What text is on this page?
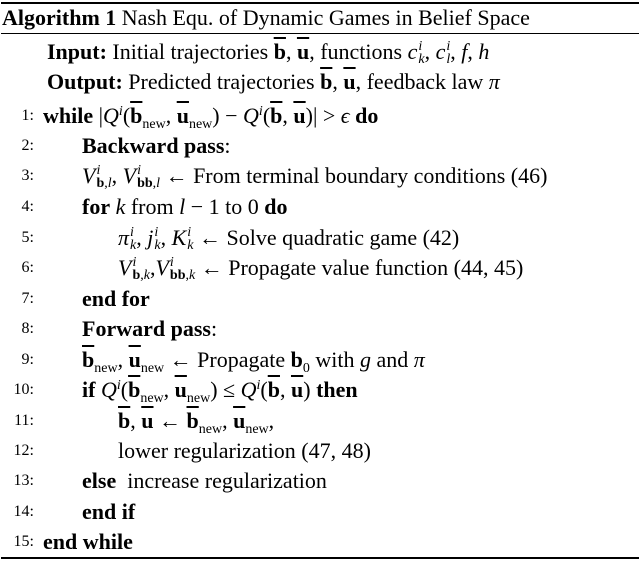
Algorithm 1 Nash Equ. of Dynamic Games in Belief Space
Input: Initial trajectories $\overline{b}$, $\overline{u}$, functions c i
k , c i
l , f, h
Output: Predicted trajectories $\overline{b}$, $\overline{u}$, feedback law π
1: while $|Q^i(\overline{b}_{new}$, $\overline{u}_{new}) - Q^i(\overline{b}$, $\overline{u})| > \epsilon$ do
2: Backward pass:
3: V i
b,l , V i
bb,l ← From terminal boundary conditions (46)
4: for k from l − 1 to 0 do
5:	π i
k , j i
k , K i
k ← Solve quadratic game (42)
6:	V i
b,k ,V i
bb,k ← Propagate value function (44, 45)
7: end for
8: Forward pass:
9: $\overline{b}_{new}$, $\overline{u}_{new}$ ← Propagate $b_0$ with g and π
10: if $Q^i(\overline{b}_{new}$, $\overline{u}_{new}) \le Q^i(\overline{b}$, $\overline{u}$) then
11:	$\overline{b}$, $\overline{u}$ ← $\overline{b}_{new}$, $\overline{u}_{new}$,
12:	lower regularization (47, 48)
13: else increase regularization
14: end if
15: end while
